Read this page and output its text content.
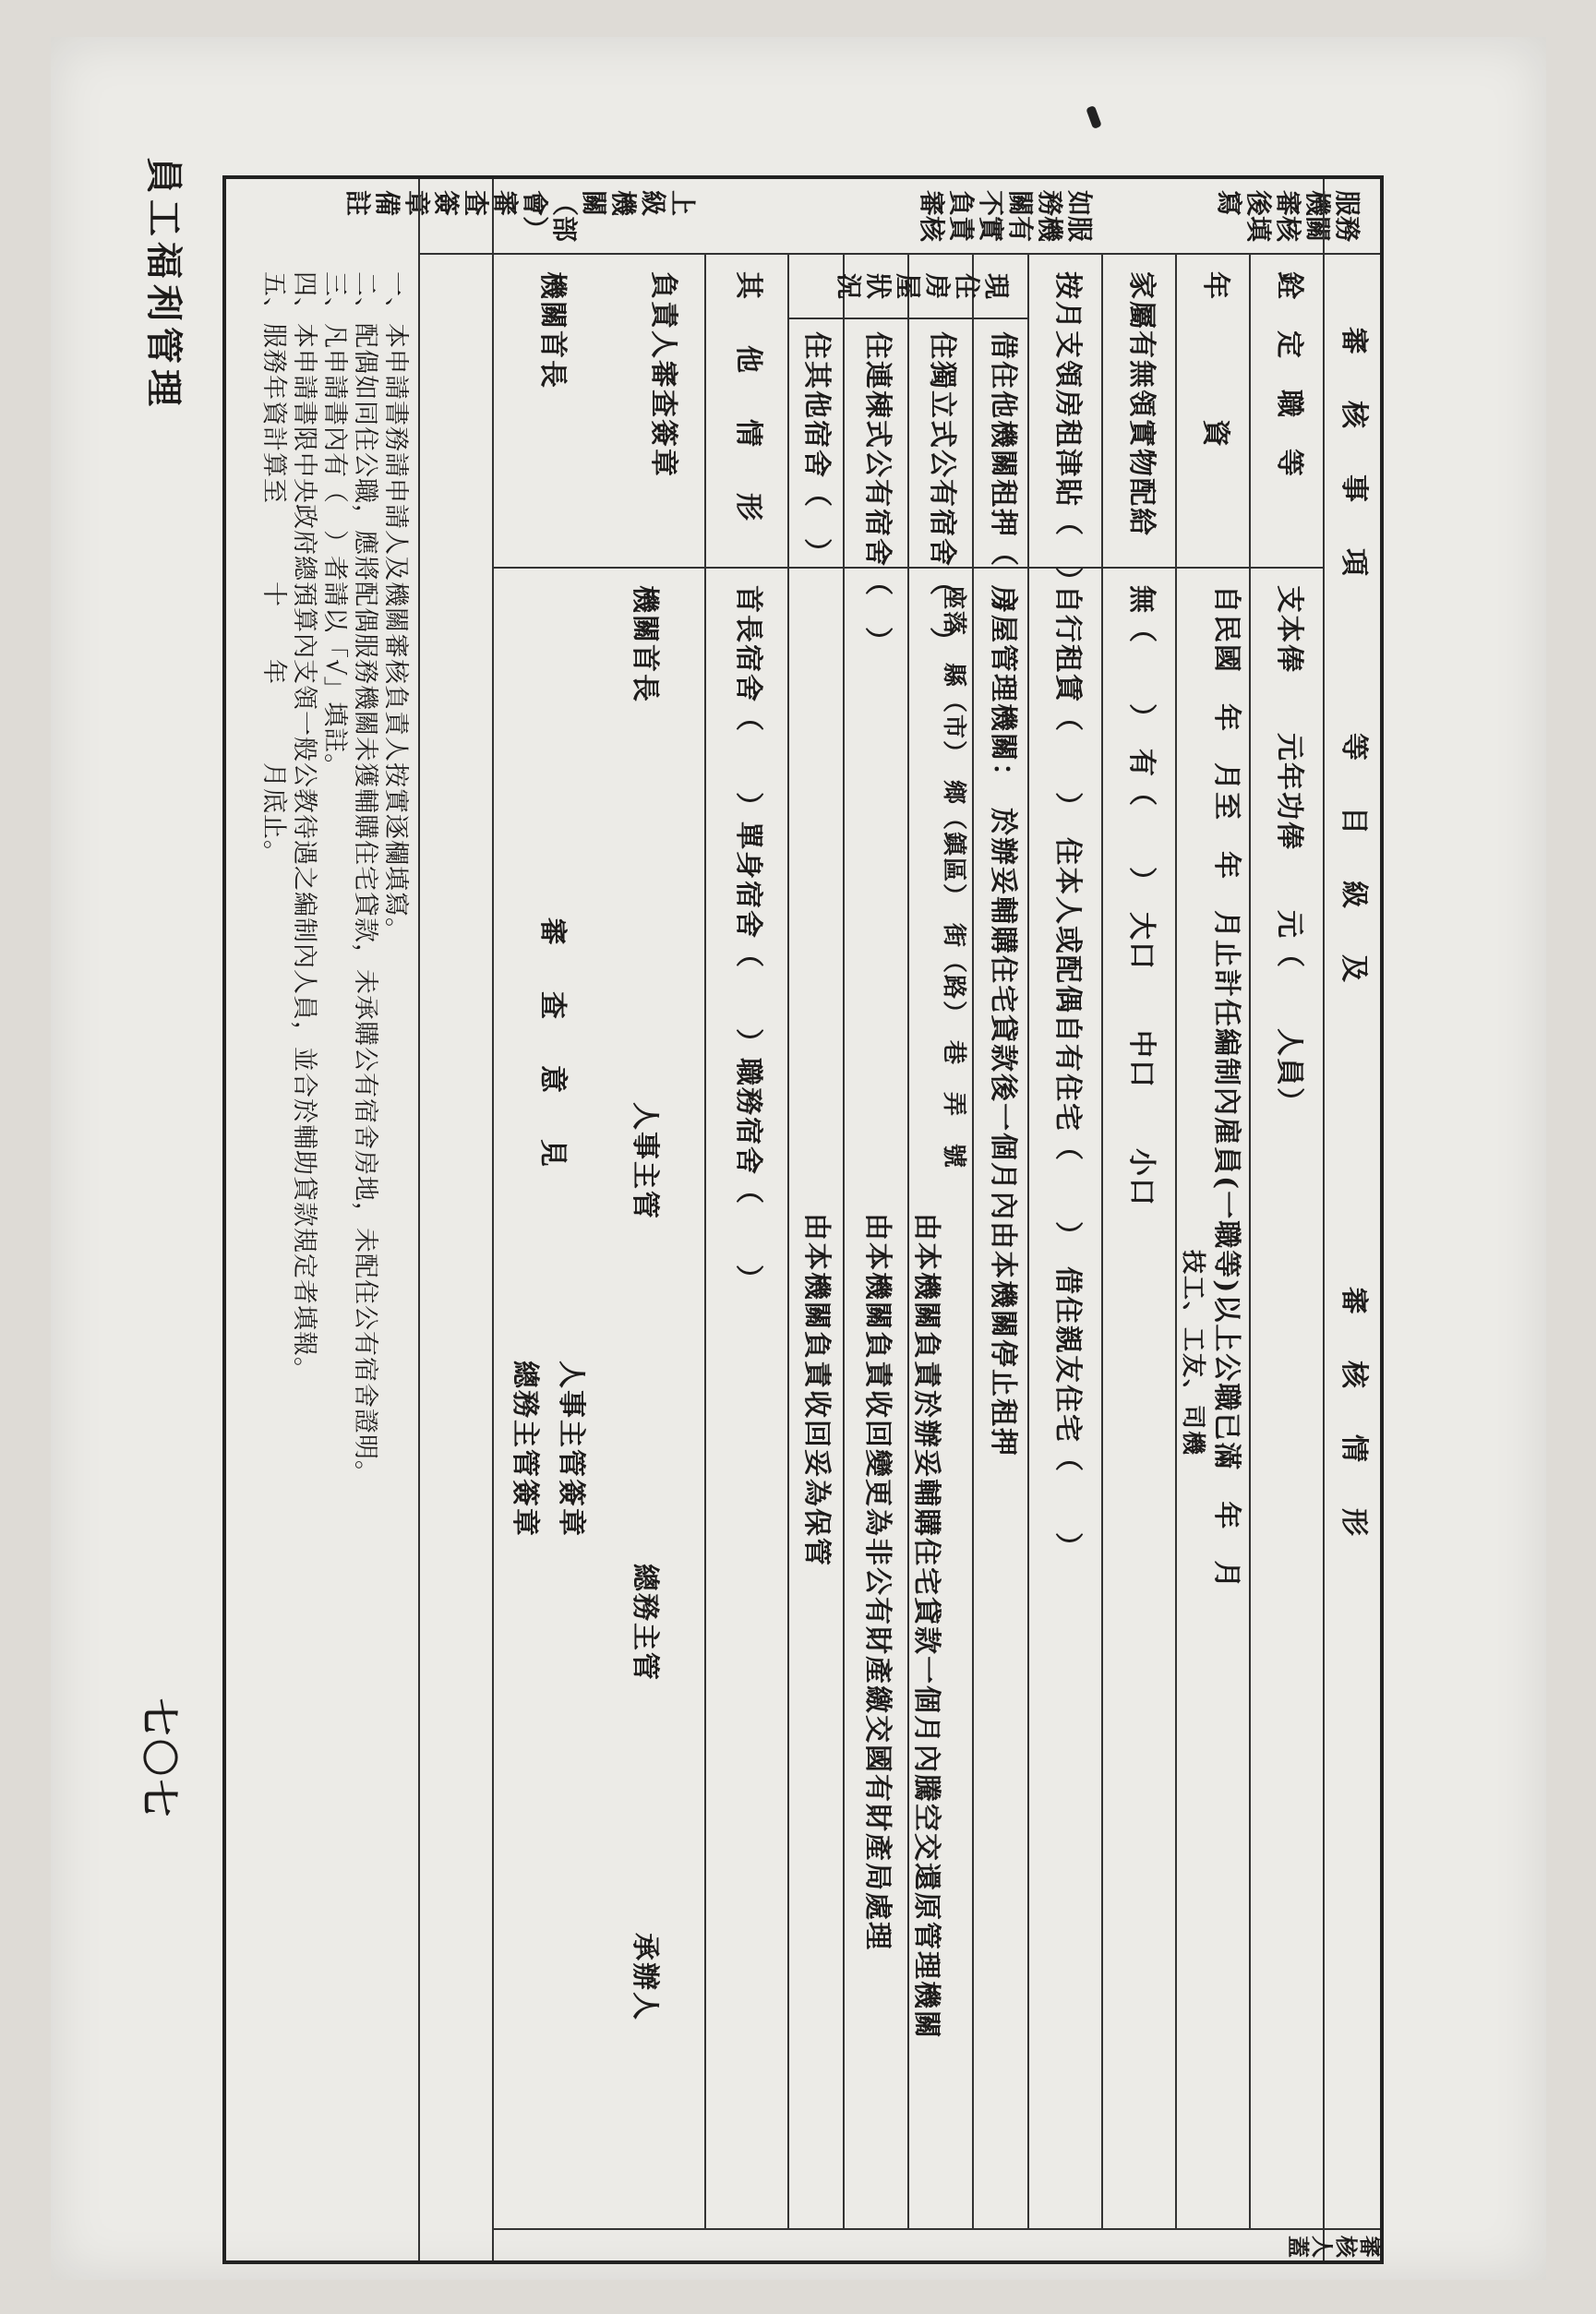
員工福利管理
七〇七
服務機關審核後填寫
如服務機關有不實負責審核
上級機關（部會）審查簽章
備註
審　核　事　項
等　目　級　及
審　核　情　形
審核人蓋
銓　定　職　等
支本俸　　元年功俸　　元（　　人員）
年　　　　資
自民國　年　月至　年　月止計任編制內雇員(一職等)以上公職已滿　年　月
技工、工友、司機
家屬有無領實物配給
無（　　）　有（　　）　大口　　中口　　小口
按月支領房租津貼（　）
自行租賃（　　）　住本人或配偶自有住宅（　　）　借住親友住宅（　　）
現住房屋狀況
借住他機關租押（　）
房屋管理機關：　於辦妥輔購住宅貸款後一個月內由本機關停止租押
住獨立式公有宿舍（　）
座落　縣（市）　鄉（鎮區）　街（路）　巷　弄　號
由本機關負責於辦妥輔購住宅貸款一個月內騰空交還原管理機關
住連棟式公有宿舍（　）
由本機關負責收回變更為非公有財產繳交國有財產局處理
住其他宿舍（　）
由本機關負責收回妥為保管
其　他　情　形
首長宿舍（　　）單身宿舍（　　）職務宿舍（　　）
負責人審查簽章
機關首長
人事主管
總務主管
承辦人
機關首長
審　查　意　見
人事主管簽章
總務主管簽章
一、本申請書務請申請人及機關審核負責人按實逐欄填寫。
二、配偶如同住公職，應將配偶服務機關未獲輔購住宅貸款，未承購公有宿舍房地，未配住公有宿舍證明。
三、凡申請書內有（　）者請以「√」填註。
四、本申請書限中央政府總預算內支領一般公教待遇之編制內人員，並合於輔助貸款規定者填報。
五、服務年資計算至　　　十　　年　　　月底止。
